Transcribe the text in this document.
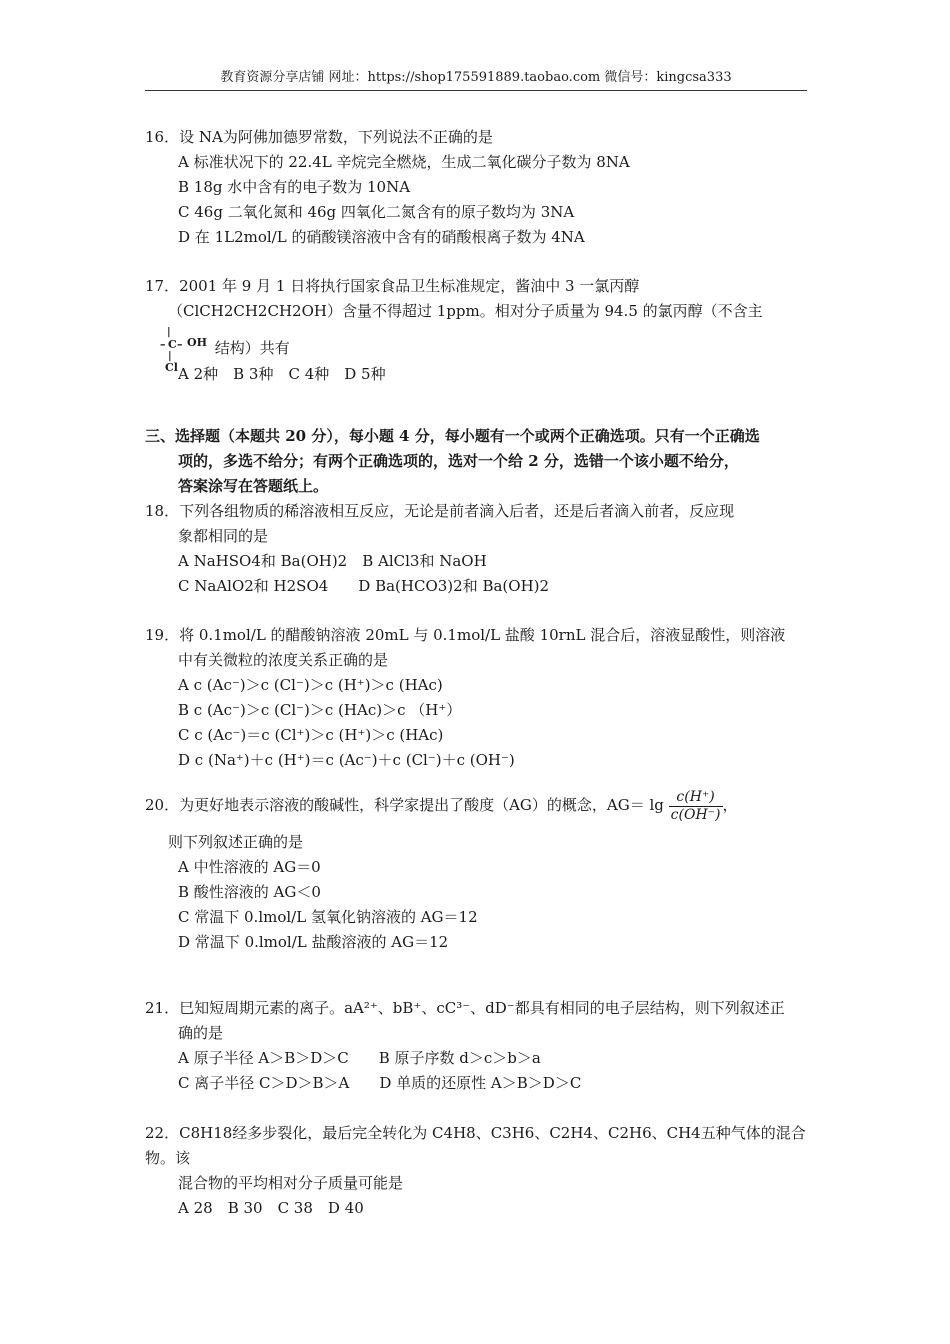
教育资源分享店铺 网址：https://shop175591889.taobao.com 微信号：kingcsa333

16．设 NA为阿佛加德罗常数，下列说法不正确的是

A 标准状况下的 22.4L 辛烷完全燃烧，生成二氧化碳分子数为 8NA

B 18g 水中含有的电子数为 10NA

C 46g 二氧化氮和 46g 四氧化二氮含有的原子数均为 3NA

D 在 1L2mol/L 的硝酸镁溶液中含有的硝酸根离子数为 4NA

17．2001 年 9 月 1 日将执行国家食品卫生标准规定，酱油中 3 一氯丙醇

（ClCH2CH2CH2OH）含量不得超过 1ppm。相对分子质量为 94.5 的氯丙醇（不含主

|
– C – OH
|
Cl
结构）共有

A 2种　B 3种　C 4种　D 5种

三、选择题（本题共 20 分），每小题 4 分，每小题有一个或两个正确选项。只有一个正确选

项的，多选不给分；有两个正确选项的，选对一个给 2 分，选错一个该小题不给分，

答案涂写在答题纸上。

18．下列各组物质的稀溶液相互反应，无论是前者滴入后者，还是后者滴入前者，反应现

象都相同的是

A NaHSO4和 Ba(OH)2　B AlCl3和 NaOH

C NaAlO2和 H2SO4　　D Ba(HCO3)2和 Ba(OH)2

19．将 0.1mol/L 的醋酸钠溶液 20mL 与 0.1mol/L 盐酸 10rnL 混合后，溶液显酸性，则溶液

中有关微粒的浓度关系正确的是

A c (Ac⁻)＞c (Cl⁻)＞c (H⁺)＞c (HAc)

B c (Ac⁻)＞c (Cl⁻)＞c (HAc)＞c （H⁺）

C c (Ac⁻)＝c (Cl⁺)＞c (H⁺)＞c (HAc)

D c (Na⁺)＋c (H⁺)＝c (Ac⁻)＋c (Cl⁻)＋c (OH⁻)

20．为更好地表示溶液的酸碱性，科学家提出了酸度（AG）的概念，$AG= \lg \frac{c(H^+)}{c(OH^-)}$ ，

则下列叙述正确的是

A 中性溶液的 AG＝0

B 酸性溶液的 AG＜0

C 常温下 0.lmol/L 氢氧化钠溶液的 AG＝12

D 常温下 0.lmol/L 盐酸溶液的 AG＝12

21．巳知短周期元素的离子。aA²⁺、bB⁺、cC³⁻、dD⁻都具有相同的电子层结构，则下列叙述正

确的是

A 原子半径 A＞B＞D＞C　　B 原子序数 d＞c＞b＞a

C 离子半径 C＞D＞B＞A　　D 单质的还原性 A＞B＞D＞C

22．C8H18经多步裂化，最后完全转化为 C4H8、C3H6、C2H4、C2H6、CH4五种气体的混合物。该

混合物的平均相对分子质量可能是

A 28　B 30　C 38　D 40
